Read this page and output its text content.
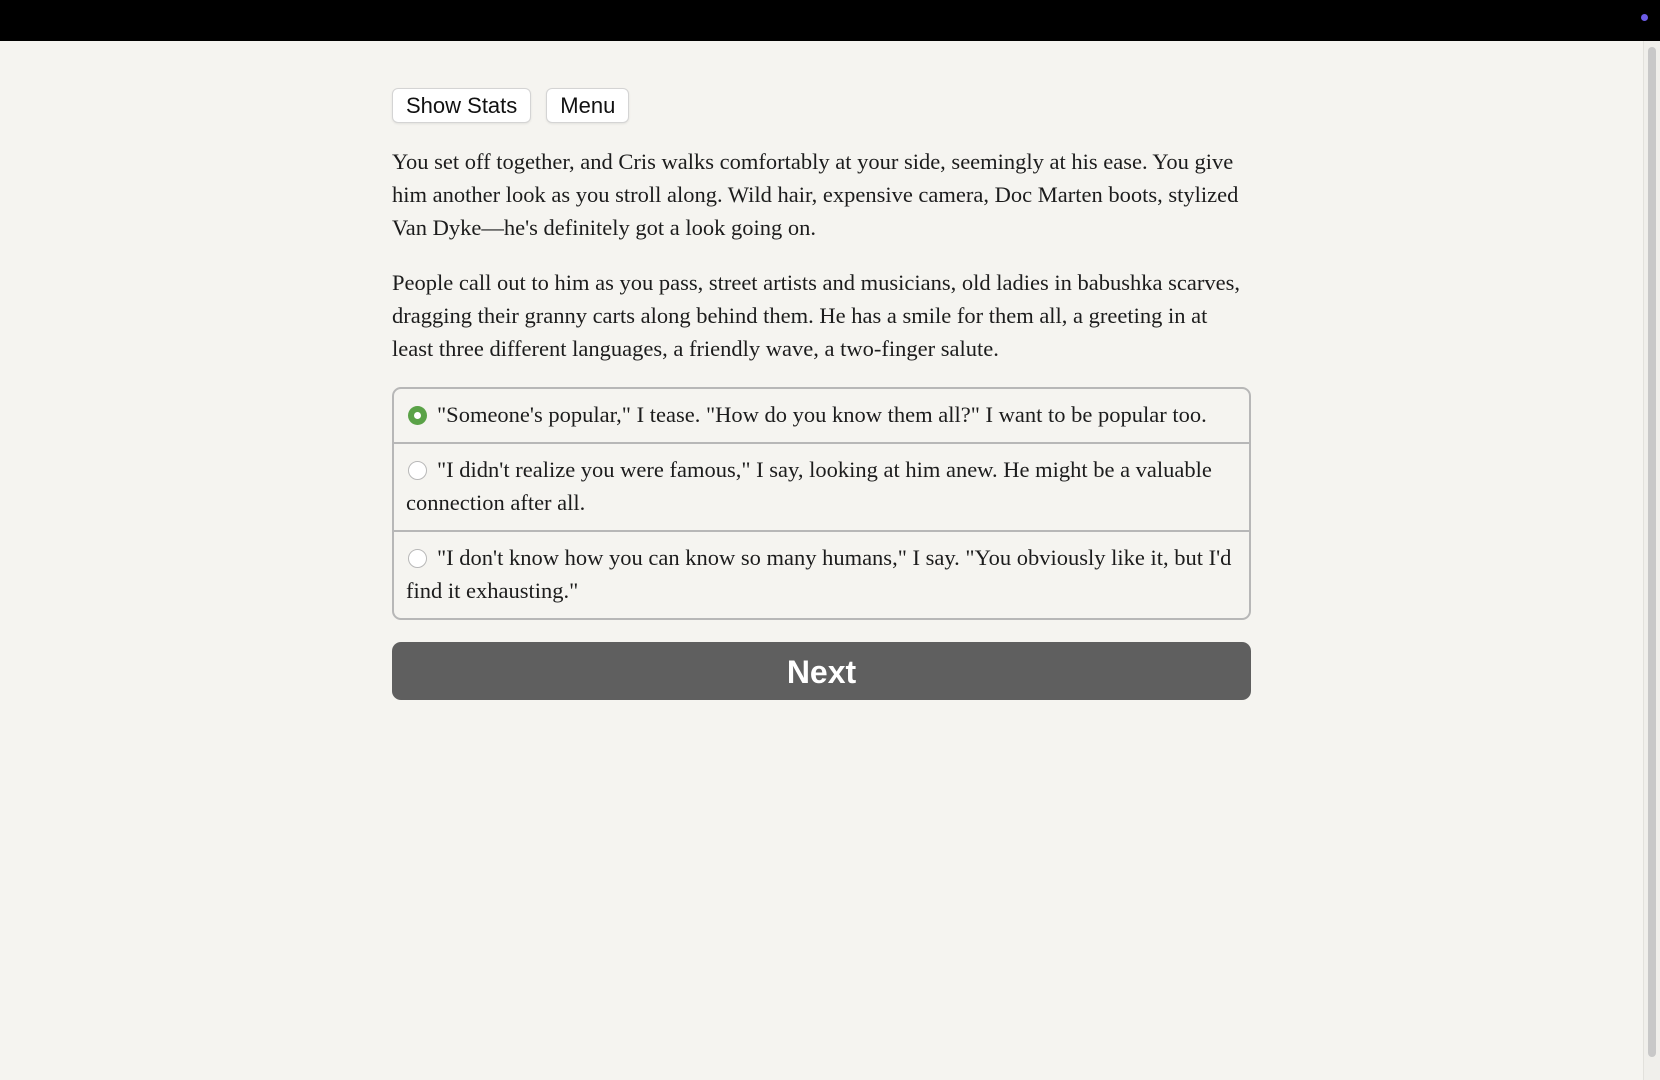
Show Stats	Menu

You set off together, and Cris walks comfortably at your side, seemingly at his ease. You give him another look as you stroll along. Wild hair, expensive camera, Doc Marten boots, stylized Van Dyke—he's definitely got a look going on.

People call out to him as you pass, street artists and musicians, old ladies in babushka scarves, dragging their granny carts along behind them. He has a smile for them all, a greeting in at least three different languages, a friendly wave, a two-finger salute.

"Someone's popular," I tease. "How do you know them all?" I want to be popular too.
"I didn't realize you were famous," I say, looking at him anew. He might be a valuable connection after all.
"I don't know how you can know so many humans," I say. "You obviously like it, but I'd find it exhausting."
Next
